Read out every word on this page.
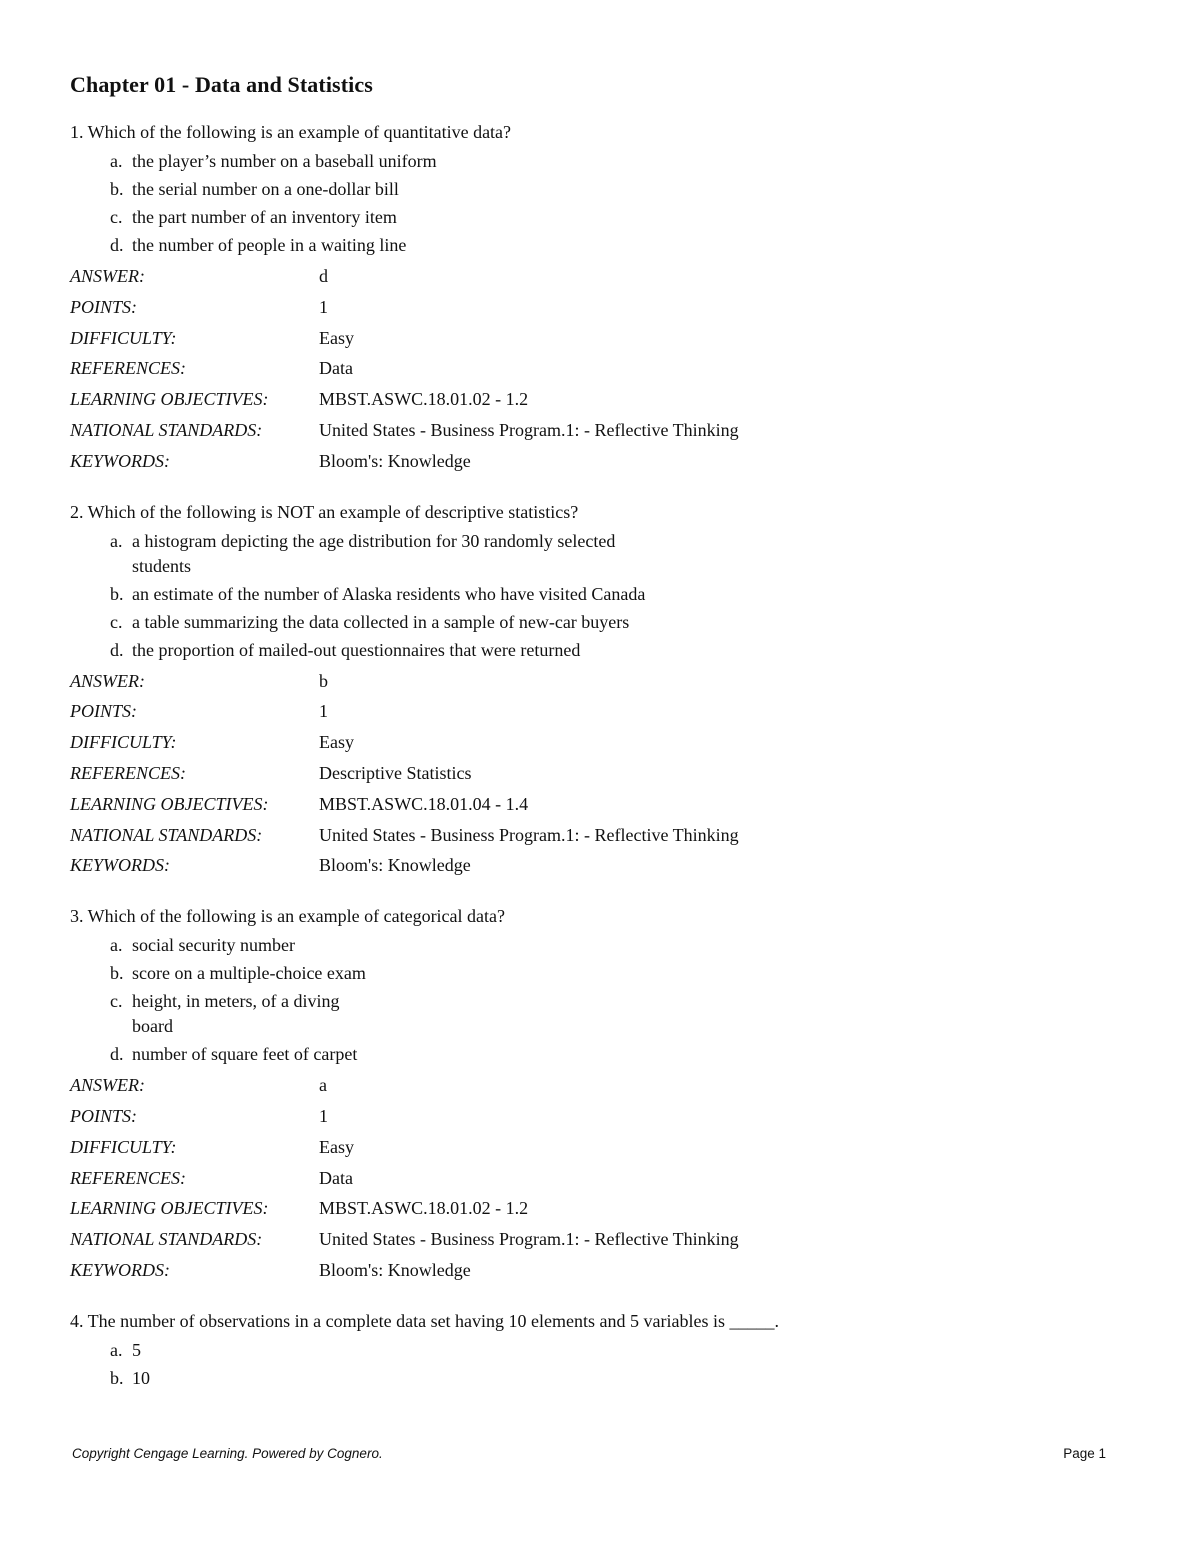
Chapter 01 - Data and Statistics
1. Which of the following is an example of quantitative data?
a. the player’s number on a baseball uniform
b. the serial number on a one-dollar bill
c. the part number of an inventory item
d. the number of people in a waiting line
ANSWER:	d
POINTS:	1
DIFFICULTY:	Easy
REFERENCES:	Data
LEARNING OBJECTIVES:	MBST.ASWC.18.01.02 - 1.2
NATIONAL STANDARDS:	United States - Business Program.1: - Reflective Thinking
KEYWORDS:	Bloom's: Knowledge
2. Which of the following is NOT an example of descriptive statistics?
a. a histogram depicting the age distribution for 30 randomly selected
students
b. an estimate of the number of Alaska residents who have visited Canada
c. a table summarizing the data collected in a sample of new-car buyers
d. the proportion of mailed-out questionnaires that were returned
ANSWER:	b
POINTS:	1
DIFFICULTY:	Easy
REFERENCES:	Descriptive Statistics
LEARNING OBJECTIVES:	MBST.ASWC.18.01.04 - 1.4
NATIONAL STANDARDS:	United States - Business Program.1: - Reflective Thinking
KEYWORDS:	Bloom's: Knowledge
3. Which of the following is an example of categorical data?
a. social security number
b. score on a multiple-choice exam
c. height, in meters, of a diving
board
d. number of square feet of carpet
ANSWER:	a
POINTS:	1
DIFFICULTY:	Easy
REFERENCES:	Data
LEARNING OBJECTIVES:	MBST.ASWC.18.01.02 - 1.2
NATIONAL STANDARDS:	United States - Business Program.1: - Reflective Thinking
KEYWORDS:	Bloom's: Knowledge
4. The number of observations in a complete data set having 10 elements and 5 variables is _____.
a. 5
b. 10
Copyright Cengage Learning. Powered by Cognero.	Page 1
